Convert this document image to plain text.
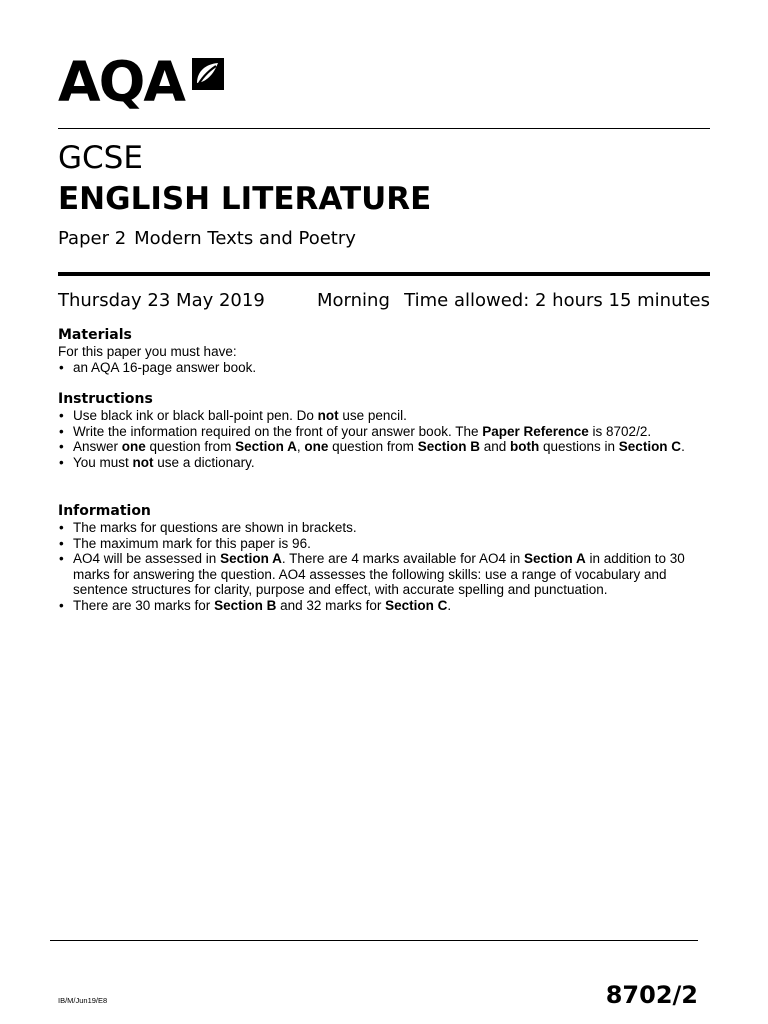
AQA
GCSE
ENGLISH LITERATURE
Paper 2 Modern Texts and Poetry
Thursday 23 May 2019	Morning Time allowed: 2 hours 15 minutes
Materials

For this paper you must have:

• an AQA 16-page answer book.
Instructions
• Use black ink or black ball-point pen. Do not use pencil.
• Write the information required on the front of your answer book. The Paper Reference is 8702/2.
• Answer one question from Section A, one question from Section B and both questions in Section C.
• You must not use a dictionary.
Information
• The marks for questions are shown in brackets.
• The maximum mark for this paper is 96.
• AO4 will be assessed in Section A. There are 4 marks available for AO4 in Section A in addition to 30 marks for answering the question. AO4 assesses the following skills: use a range of vocabulary and sentence structures for clarity, purpose and effect, with accurate spelling and punctuation.
• There are 30 marks for Section B and 32 marks for Section C.
IB/M/Jun19/E8	8702/2
